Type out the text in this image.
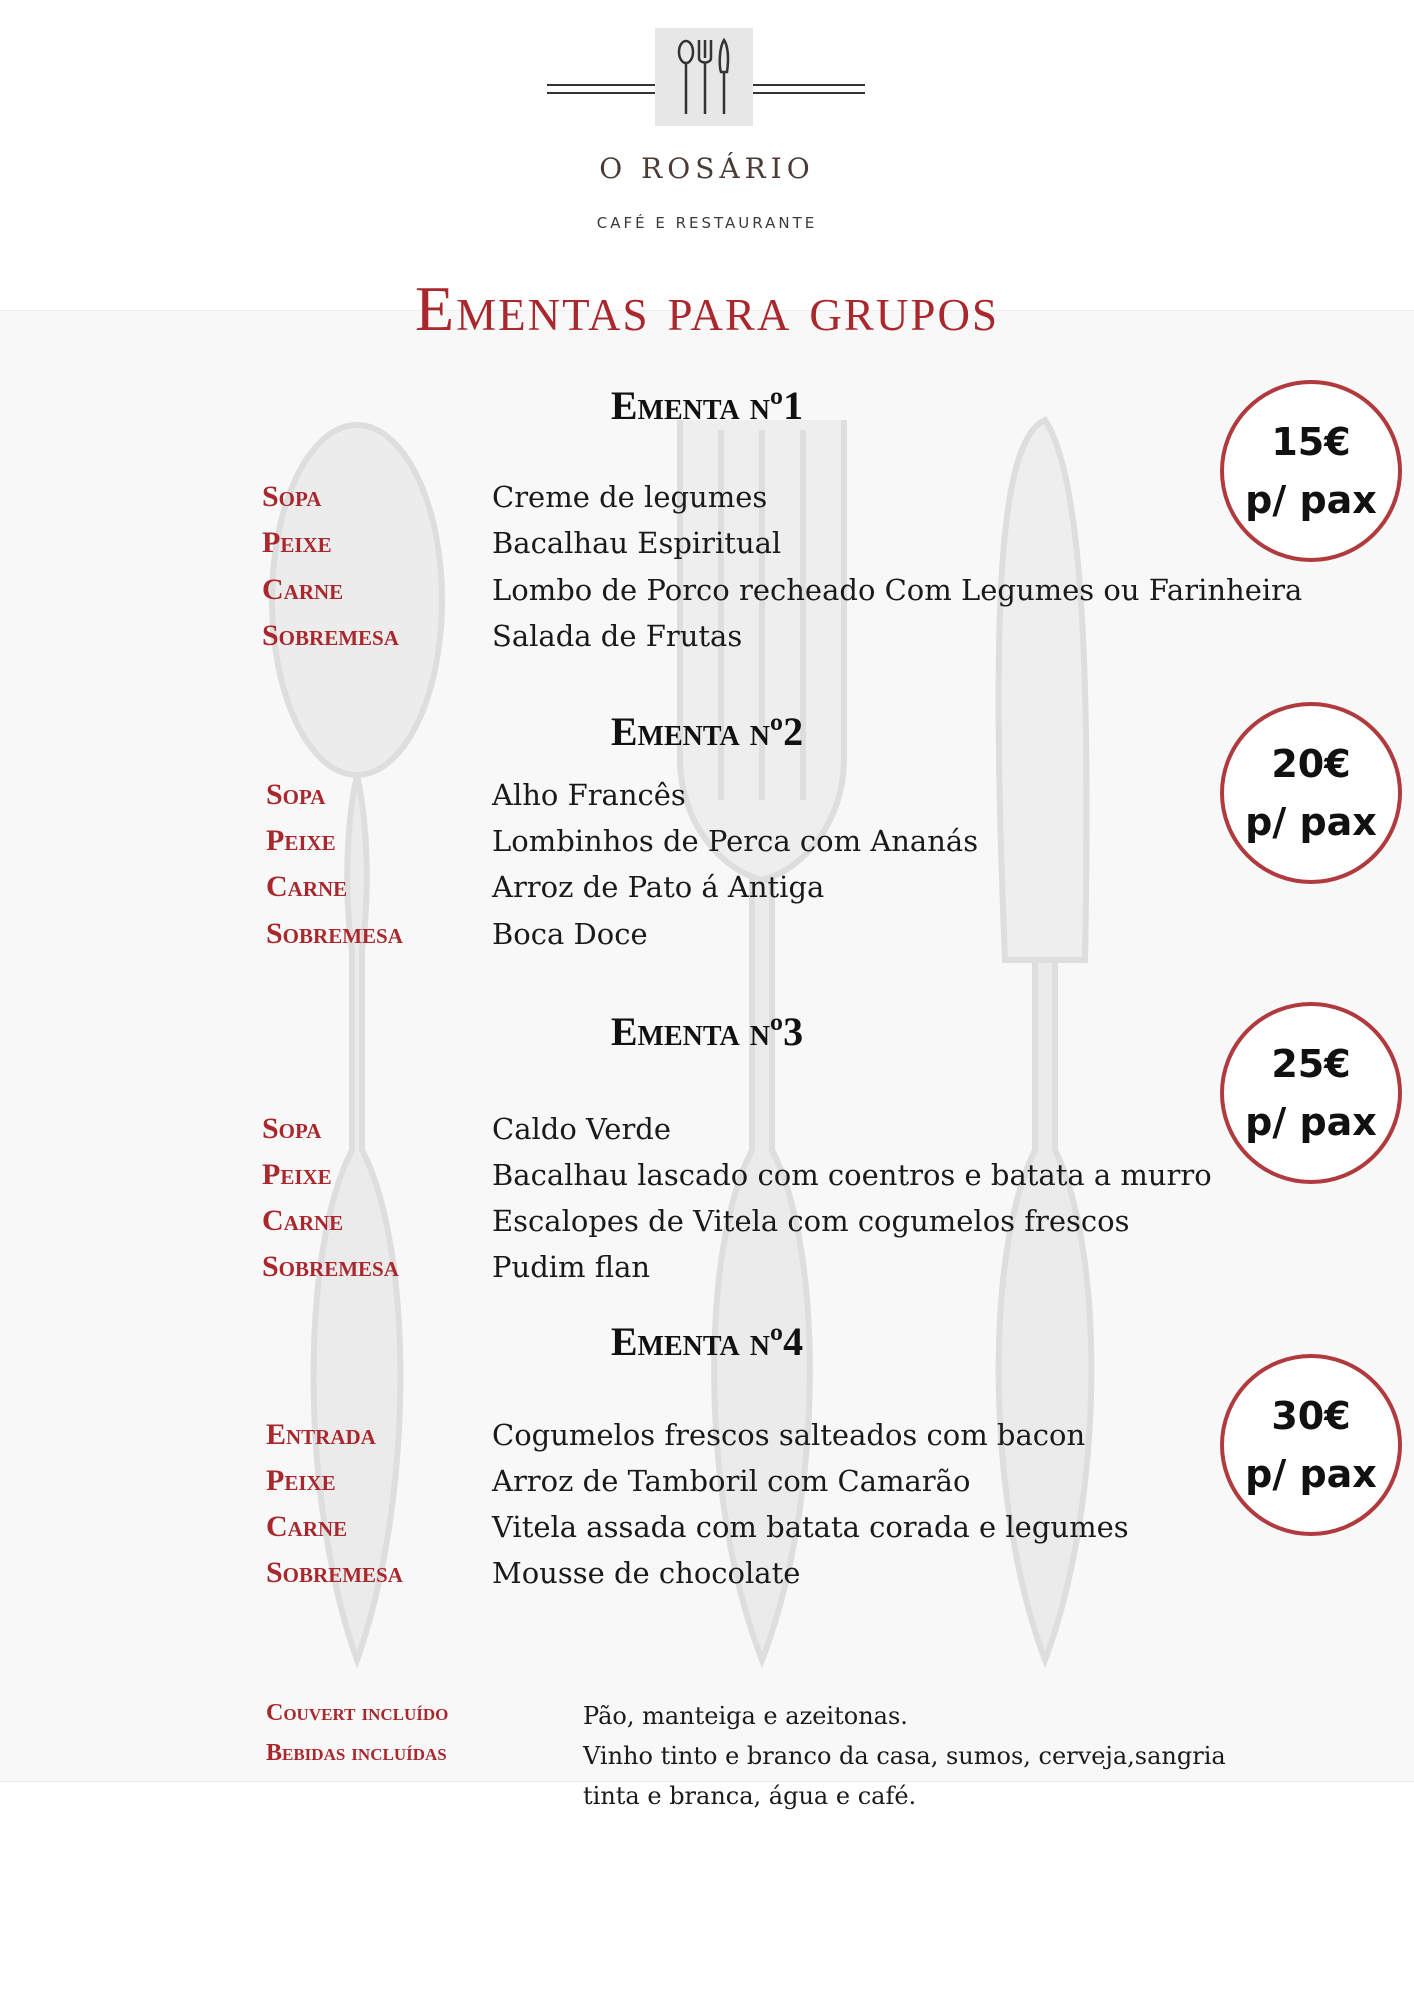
O ROSÁRIO
CAFÉ E RESTAURANTE
Ementas para grupos
Ementa nº1
15€
p/ pax
Sopa	Creme de legumes
Peixe	Bacalhau Espiritual
Carne	Lombo de Porco recheado Com Legumes ou Farinheira
Sobremesa	Salada de Frutas
Ementa nº2
20€
p/ pax
Sopa	Alho Francês
Peixe	Lombinhos de Perca com Ananás
Carne	Arroz de Pato á Antiga
Sobremesa	Boca Doce
Ementa nº3
25€
p/ pax
Sopa	Caldo Verde
Peixe	Bacalhau lascado com coentros e batata a murro
Carne	Escalopes de Vitela com cogumelos frescos
Sobremesa	Pudim flan
Ementa nº4
30€
p/ pax
Entrada	Cogumelos frescos salteados com bacon
Peixe	Arroz de Tamboril com Camarão
Carne	Vitela assada com batata corada e legumes
Sobremesa	Mousse de chocolate
Couvert incluído	Pão, manteiga e azeitonas.
Bebidas incluídas	Vinho tinto e branco da casa, sumos, cerveja,sangria tinta e branca, água e café.
